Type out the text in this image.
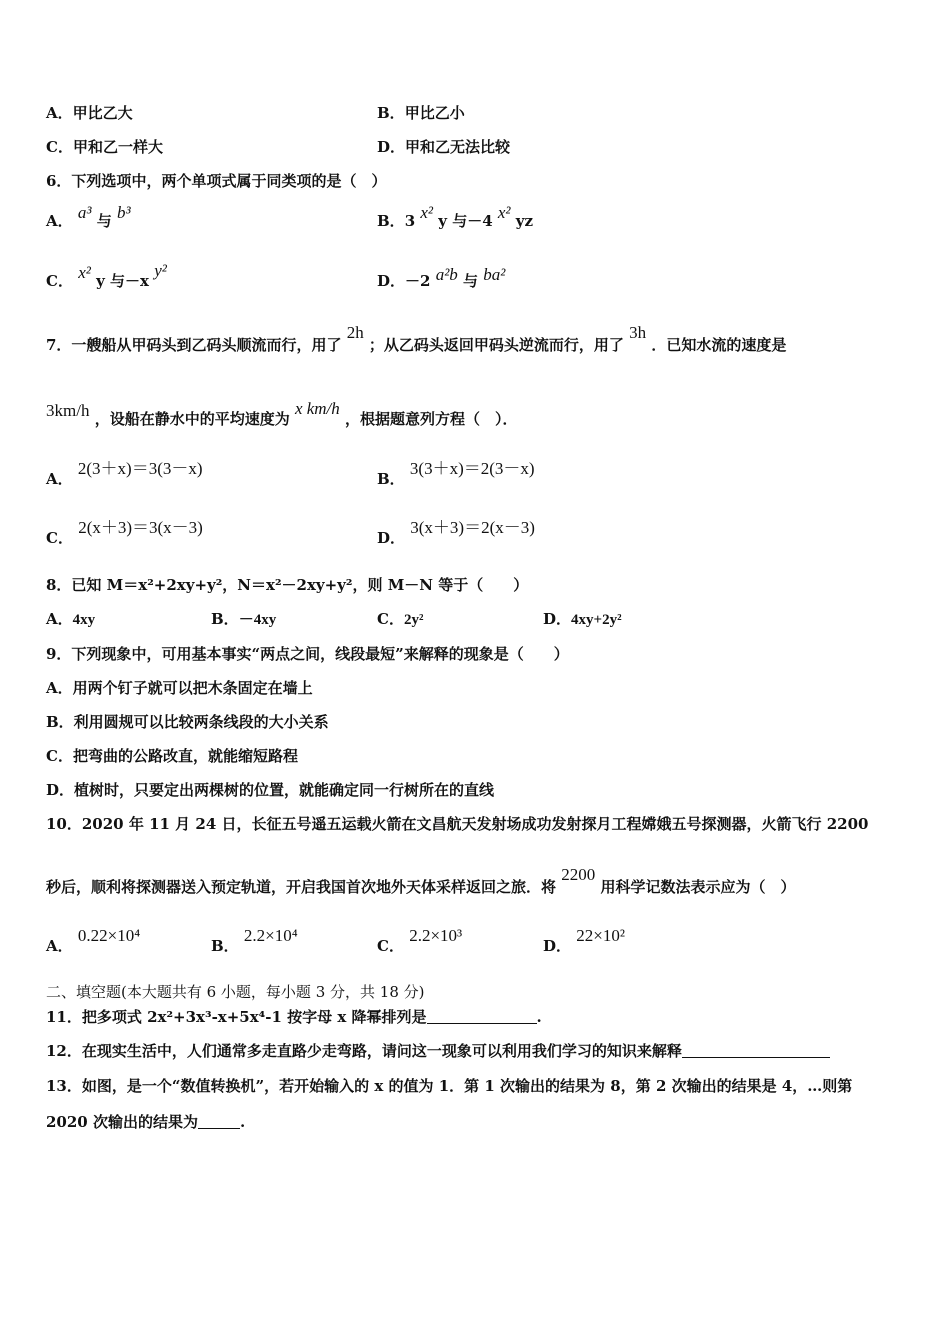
A．甲比乙大	B．甲比乙小
C．甲和乙一样大	D．甲和乙无法比较
6．下列选项中，两个单项式属于同类项的是（　）
A． a³ 与 b³	B．3 x² y 与－4 x² yz
C． x² y 与－x y²
D．－2 a²b 与 ba²
7．一艘船从甲码头到乙码头顺流而行，用了 2h ；从乙码头返回甲码头逆流而行，用了 3h ．已知水流的速度是
3km/h ，设船在静水中的平均速度为 x km/h ，根据题意列方程（　）．
A． 2(3＋x)＝3(3－x)
B． 3(3＋x)＝2(3－x)
C． 2(x＋3)＝3(x－3)
D． 3(x＋3)＝2(x－3)
8．已知 M＝x²+2xy+y²，N＝x²－2xy+y²，则 M－N 等于（　　）
A．4xy	B．－4xy	C．2y²	D．4xy+2y²
9．下列现象中，可用基本事实“两点之间，线段最短”来解释的现象是（　　）
A．用两个钉子就可以把木条固定在墙上
B．利用圆规可以比较两条线段的大小关系
C．把弯曲的公路改直，就能缩短路程
D．植树时，只要定出两棵树的位置，就能确定同一行树所在的直线
10．2020 年 11 月 24 日，长征五号遥五运载火箭在文昌航天发射场成功发射探月工程嫦娥五号探测器，火箭飞行 2200
秒后，顺利将探测器送入预定轨道，开启我国首次地外天体采样返回之旅．将 2200 用科学记数法表示应为（　）
A． 0.22×10⁴
B． 2.2×10⁴
C． 2.2×10³
D． 22×10²
二、填空题(本大题共有 6 小题，每小题 3 分，共 18 分)
11．把多项式 2x²+3x³-x+5x⁴-1 按字母 x 降幂排列是	.
12．在现实生活中，人们通常多走直路少走弯路，请问这一现象可以利用我们学习的知识来解释
13．如图，是一个“数值转换机”，若开始输入的 x 的值为 1．第 1 次输出的结果为 8，第 2 次输出的结果是 4，…则第
2020 次输出的结果为	.
